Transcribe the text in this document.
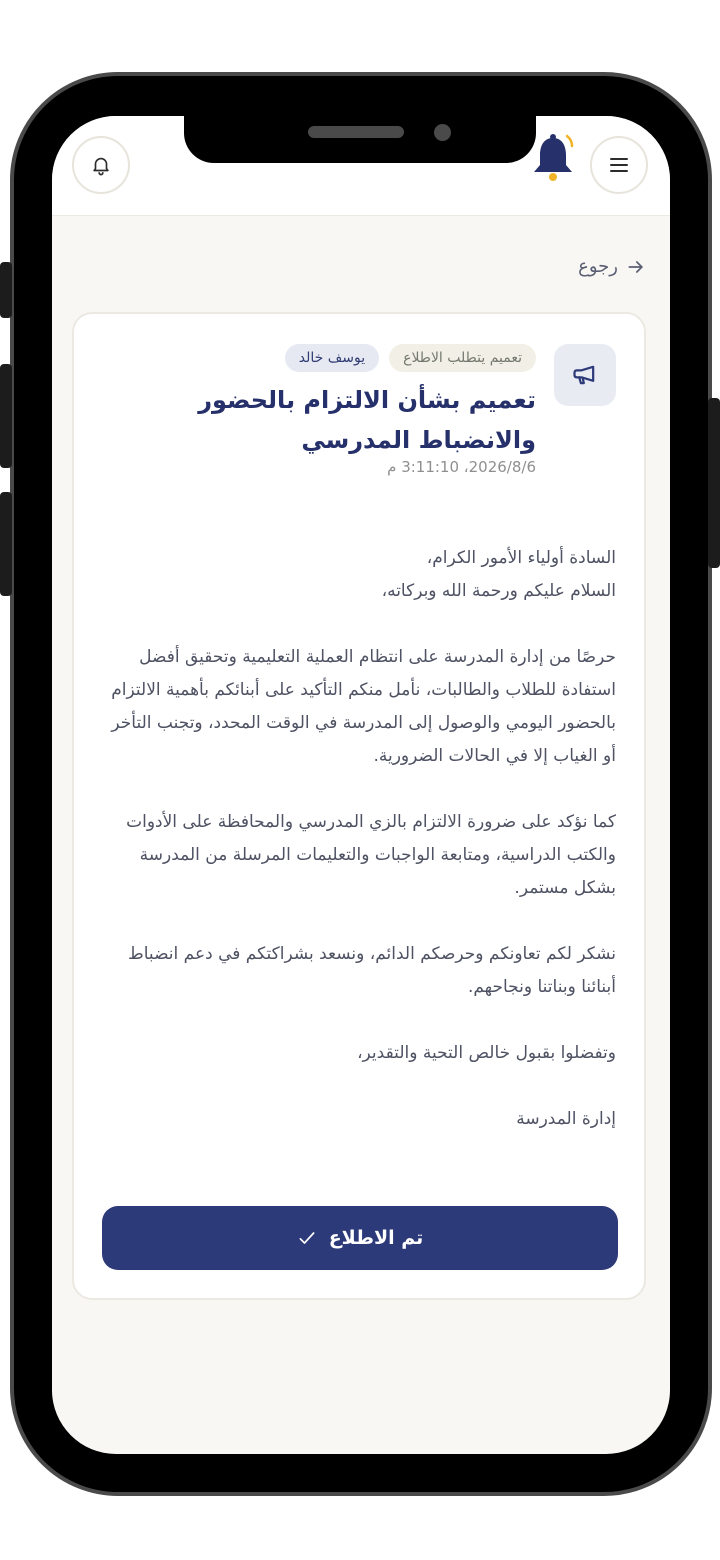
رجوع
تعميم يتطلب الاطلاع
يوسف خالد
تعميم بشأن الالتزام بالحضور والانضباط المدرسي
2026/8/6، 3:11:10 م

السادة أولياء الأمور الكرام،

السلام عليكم ورحمة الله وبركاته،

حرصًا من إدارة المدرسة على انتظام العملية التعليمية وتحقيق أفضل استفادة للطلاب والطالبات، نأمل منكم التأكيد على أبنائكم بأهمية الالتزام بالحضور اليومي والوصول إلى المدرسة في الوقت المحدد، وتجنب التأخر أو الغياب إلا في الحالات الضرورية.

كما نؤكد على ضرورة الالتزام بالزي المدرسي والمحافظة على الأدوات والكتب الدراسية، ومتابعة الواجبات والتعليمات المرسلة من المدرسة بشكل مستمر.

نشكر لكم تعاونكم وحرصكم الدائم، ونسعد بشراكتكم في دعم انضباط أبنائنا وبناتنا ونجاحهم.

وتفضلوا بقبول خالص التحية والتقدير،

إدارة المدرسة

تم الاطلاع
